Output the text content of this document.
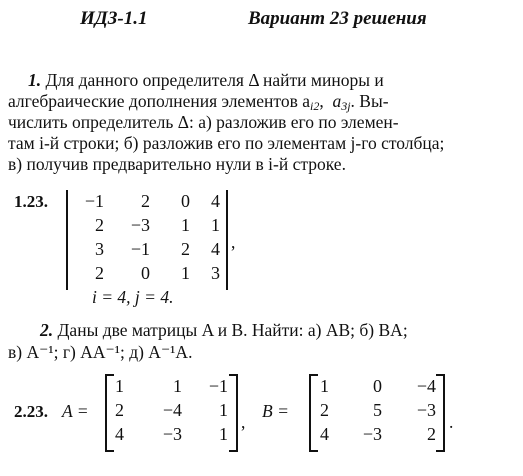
ИДЗ-1.1	Вариант 23 решения
1. Для данного определителя Δ найти миноры и
алгебраические дополнения элементов ai2, a3j. Вы-
числить определитель Δ: а) разложив его по элемен-
там i-й строки; б) разложив его по элементам j-го столбца;
в) получив предварительно нули в i-й строке.
1.23.	−1	2	0	4
2	−3	1	1
3	−1	2	4
2	0	1	3
,
i = 4, j = 4.
2. Даны две матрицы A и B. Найти: а) AB; б) BA;
в) A⁻¹; г) AA⁻¹; д) A⁻¹A.
2.23. A =
1	1	−1
2	−4	1
4	−3	1
,
B =
1	0	−4
2	5	−3
4	−3	2
.
